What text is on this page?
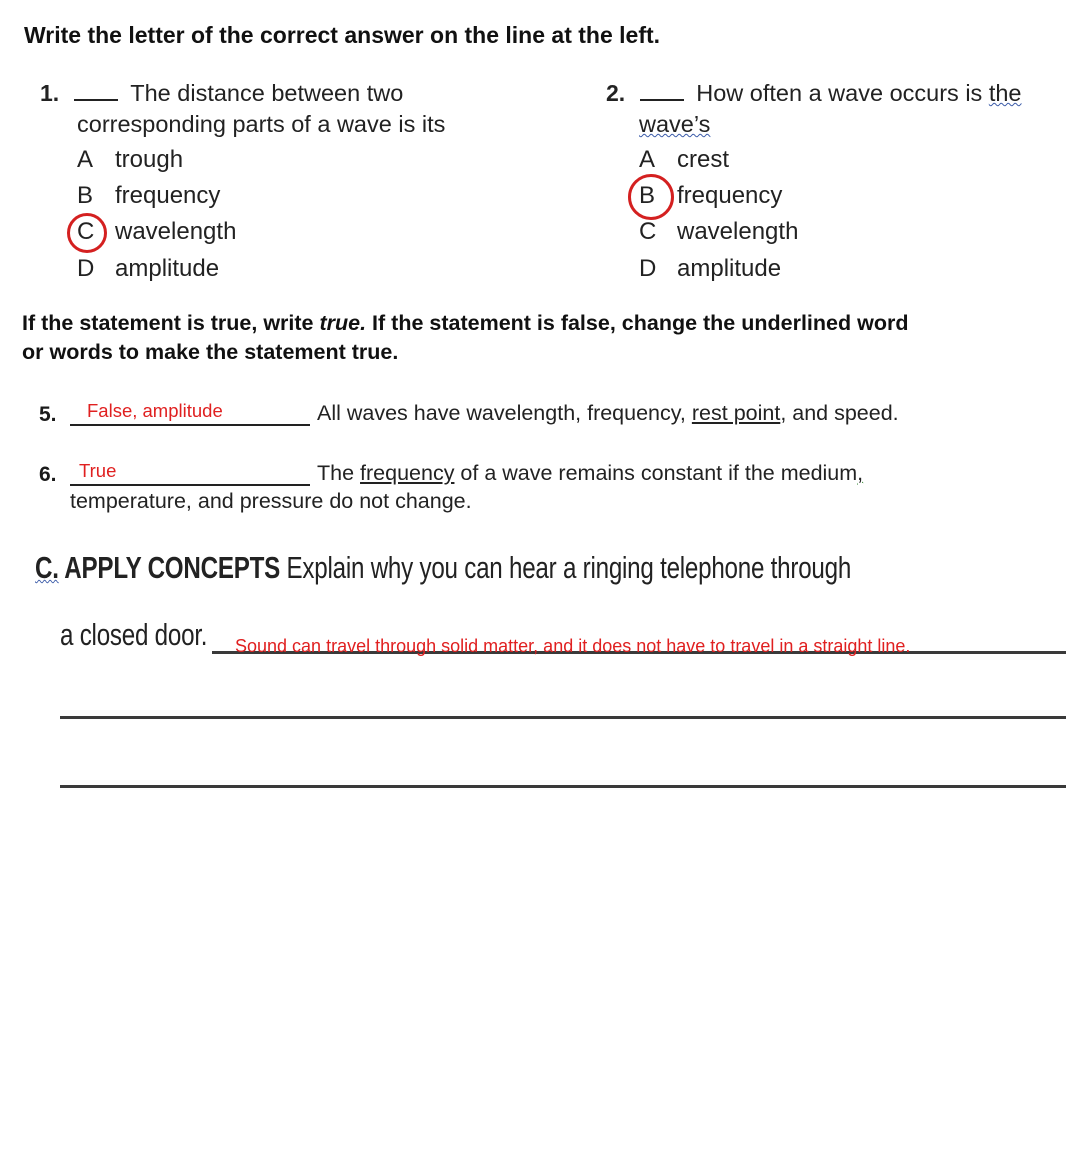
Write the letter of the correct answer on the line at the left.
1.	The distance between two
corresponding parts of a wave is its
A trough
B frequency
C wavelength
D amplitude
2.	How often a wave occurs is the
wave’s
A crest
B frequency
C wavelength
D amplitude
If the statement is true, write true. If the statement is false, change the underlined word
or words to make the statement true.
5. False, amplitude	All waves have wavelength, frequency, rest point, and speed.
6. True	The frequency of a wave remains constant if the medium,
temperature, and pressure do not change.
C. APPLY CONCEPTS Explain why you can hear a ringing telephone through
a closed door. Sound can travel through solid matter, and it does not have to travel in a straight line.
